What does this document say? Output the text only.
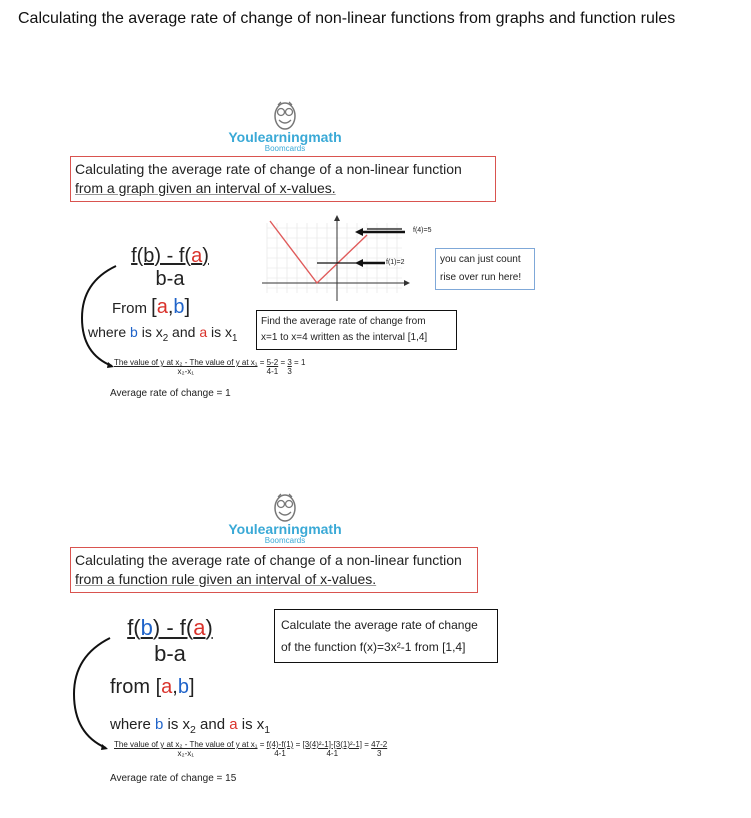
Calculating the average rate of change of non-linear functions from graphs and function rules
Youlearningmath
Boomcards
Calculating the average rate of change of a non-linear function
from a graph given an interval of x-values.
$\frac{f(b) - f(a)}{b-a}$
From [a,b]
where b is $x_2$ and a is $x_1$
f(4)=5
f(1)=2	you can just count
rise over run here!
Find the average rate of change from
x=1 to x=4 written as the interval [1,4]
The value of y at x₂ - The value of y at x₁
$x_2-x_1 = \frac{5-2}{4-1} = \frac{3}{3} = 1$
Average rate of change = 1
Youlearningmath
Boomcards
Calculating the average rate of change of a non-linear function
from a function rule given an interval of x-values.
$\frac{f(b) - f(a)}{b-a}$	Calculate the average rate of change
of the function f(x)=3x²-1 from [1,4]
from [a,b]
where b is $x_2$ and a is $x_1$
The value of y at x₂ - The value of y at x₁
$x_2-x_1 = \frac{f(4)-f(1)}{4-1} = \frac{\text{[3(4)²-1]-[3(1)²-1]}}{4-1} = \frac{47-2}{3}$
Average rate of change = 15
